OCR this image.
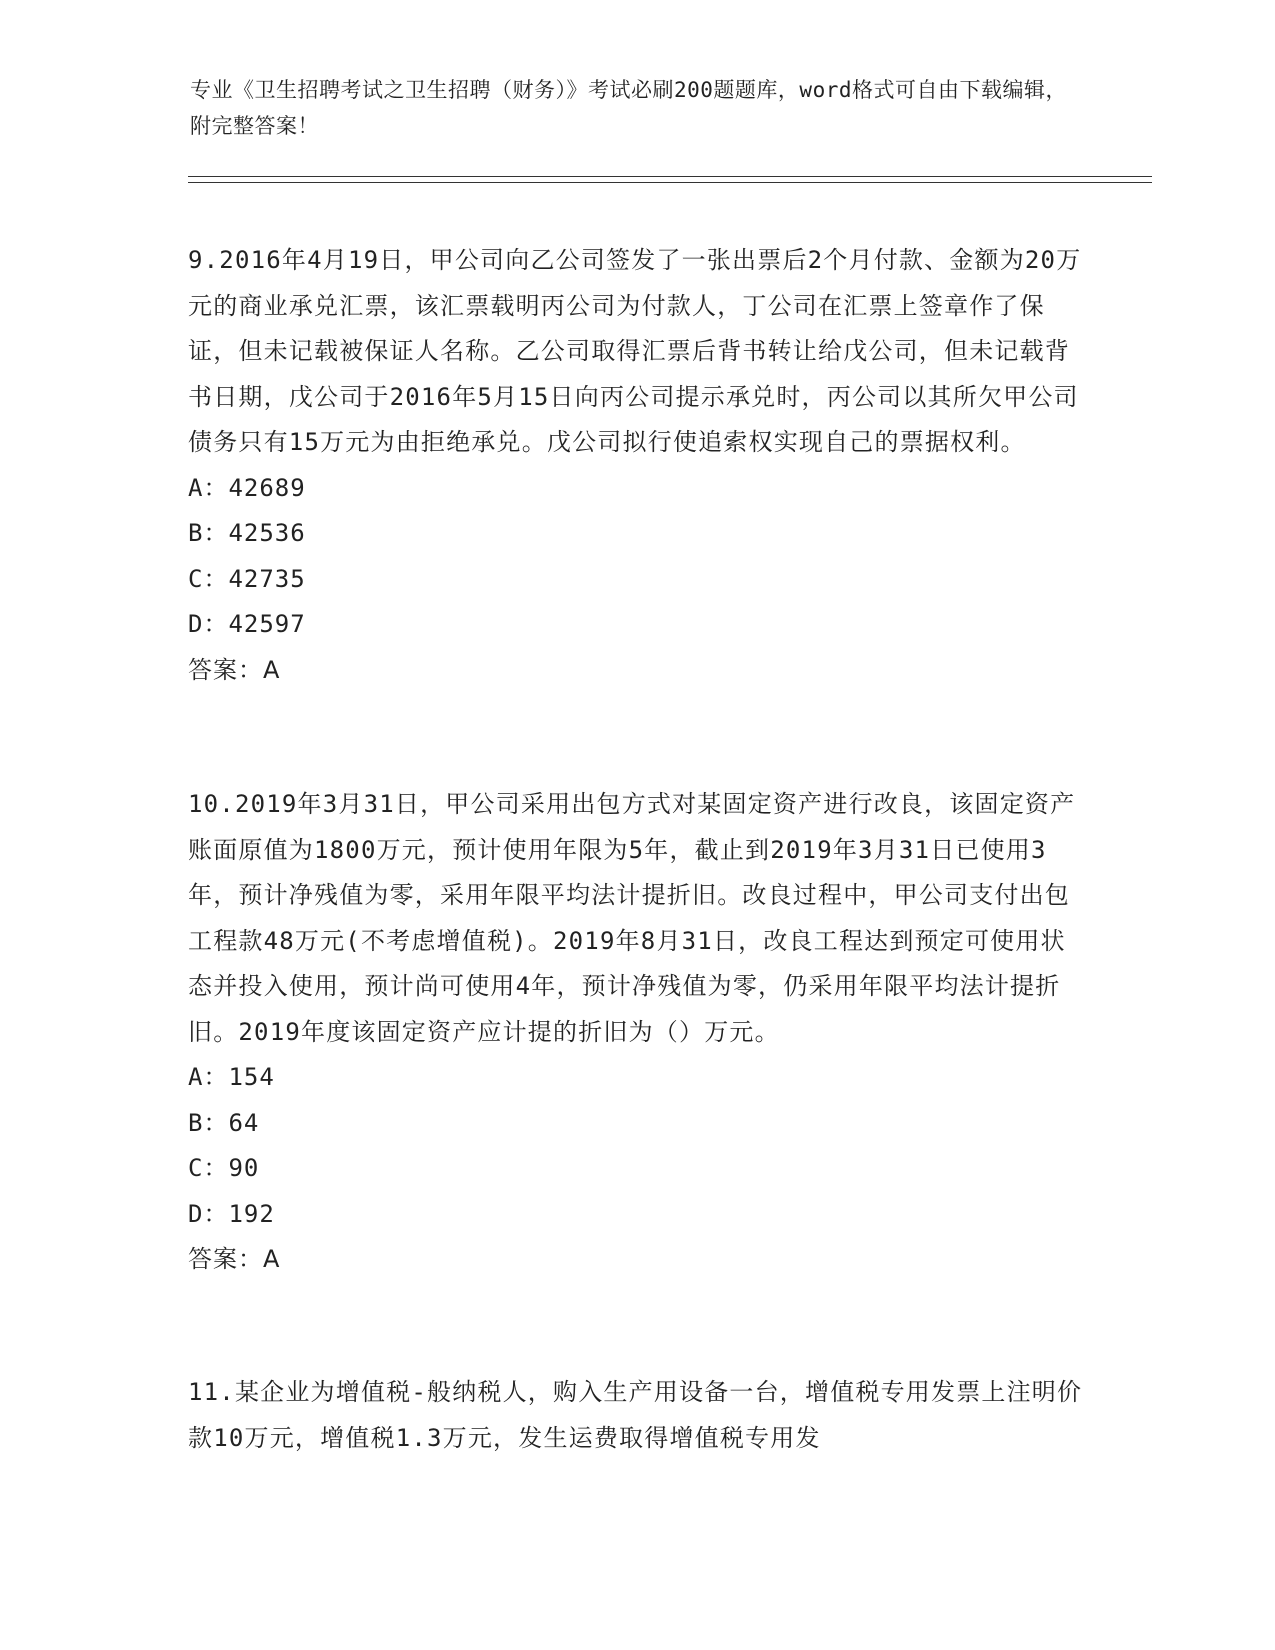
专业《卫生招聘考试之卫生招聘（财务）》考试必刷200题题库，word格式可自由下载编辑，附完整答案！
9.2016年4月19日，甲公司向乙公司签发了一张出票后2个月付款、金额为20万元的商业承兑汇票，该汇票载明丙公司为付款人，丁公司在汇票上签章作了保证，但未记载被保证人名称。乙公司取得汇票后背书转让给戊公司，但未记载背书日期，戊公司于2016年5月15日向丙公司提示承兑时，丙公司以其所欠甲公司债务只有15万元为由拒绝承兑。戊公司拟行使追索权实现自己的票据权利。
A：42689
B：42536
C：42735
D：42597
答案：A
10.2019年3月31日，甲公司采用出包方式对某固定资产进行改良，该固定资产账面原值为1800万元，预计使用年限为5年，截止到2019年3月31日已使用3年，预计净残值为零，采用年限平均法计提折旧。改良过程中，甲公司支付出包工程款48万元(不考虑增值税)。2019年8月31日，改良工程达到预定可使用状态并投入使用，预计尚可使用4年，预计净残值为零，仍采用年限平均法计提折旧。2019年度该固定资产应计提的折旧为（）万元。
A：154
B：64
C：90
D：192
答案：A
11.某企业为增值税-般纳税人，购入生产用设备一台，增值税专用发票上注明价款10万元，增值税1.3万元，发生运费取得增值税专用发
